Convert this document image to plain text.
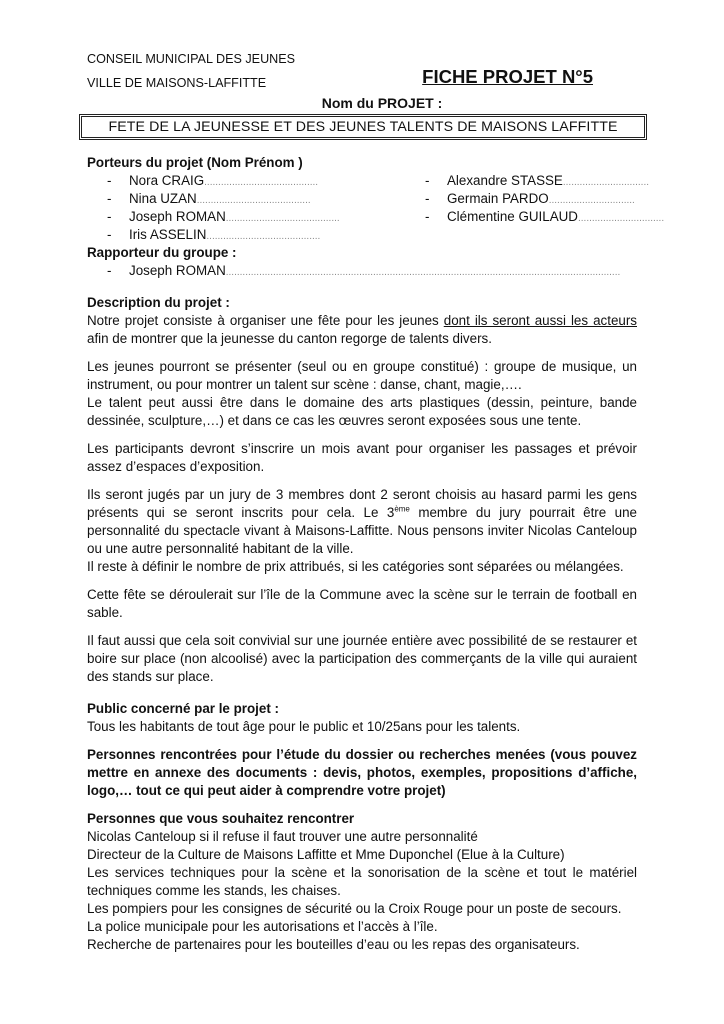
CONSEIL MUNICIPAL DES JEUNES
VILLE DE MAISONS-LAFFITTE	FICHE PROJET N°5
Nom du PROJET :
FETE DE LA JEUNESSE ET DES JEUNES TALENTS DE MAISONS LAFFITTE
Porteurs du projet (Nom Prénom )
- Nora CRAIG.........................................	- Alexandre STASSE...............................
- Nina UZAN.........................................	- Germain PARDO...............................
- Joseph ROMAN.........................................	- Clémentine GUILAUD...............................
- Iris ASSELIN.........................................
Rapporteur du groupe :
- Joseph ROMAN..............................................................................................................................................
Description du projet :

Notre projet consiste à organiser une fête pour les jeunes dont ils seront aussi les acteurs afin de montrer que la jeunesse du canton regorge de talents divers.

Les jeunes pourront se présenter (seul ou en groupe constitué) : groupe de musique, un instrument, ou pour montrer un talent sur scène : danse, chant, magie,….

Le talent peut aussi être dans le domaine des arts plastiques (dessin, peinture, bande dessinée, sculpture,…) et dans ce cas les œuvres seront exposées sous une tente.

Les participants devront s’inscrire un mois avant pour organiser les passages et prévoir assez d’espaces d’exposition.

Ils seront jugés par un jury de 3 membres dont 2 seront choisis au hasard parmi les gens présents qui se seront inscrits pour cela. Le 3ème membre du jury pourrait être une personnalité du spectacle vivant à Maisons-Laffitte. Nous pensons inviter Nicolas Canteloup ou une autre personnalité habitant de la ville.

Il reste à définir le nombre de prix attribués, si les catégories sont séparées ou mélangées.

Cette fête se déroulerait sur l’île de la Commune avec la scène sur le terrain de football en sable.

Il faut aussi que cela soit convivial sur une journée entière avec possibilité de se restaurer et boire sur place (non alcoolisé) avec la participation des commerçants de la ville qui auraient des stands sur place.

Public concerné par le projet :

Tous les habitants de tout âge pour le public et 10/25ans pour les talents.

Personnes rencontrées pour l’étude du dossier ou recherches menées (vous pouvez mettre en annexe des documents : devis, photos, exemples, propositions d’affiche, logo,… tout ce qui peut aider à comprendre votre projet)

Personnes que vous souhaitez rencontrer

Nicolas Canteloup si il refuse il faut trouver une autre personnalité

Directeur de la Culture de Maisons Laffitte et Mme Duponchel (Elue à la Culture)

Les services techniques pour la scène et la sonorisation de la scène et tout le matériel techniques comme les stands, les chaises.

Les pompiers pour les consignes de sécurité ou la Croix Rouge pour un poste de secours.

La police municipale pour les autorisations et l’accès à l’île.

Recherche de partenaires pour les bouteilles d’eau ou les repas des organisateurs.
